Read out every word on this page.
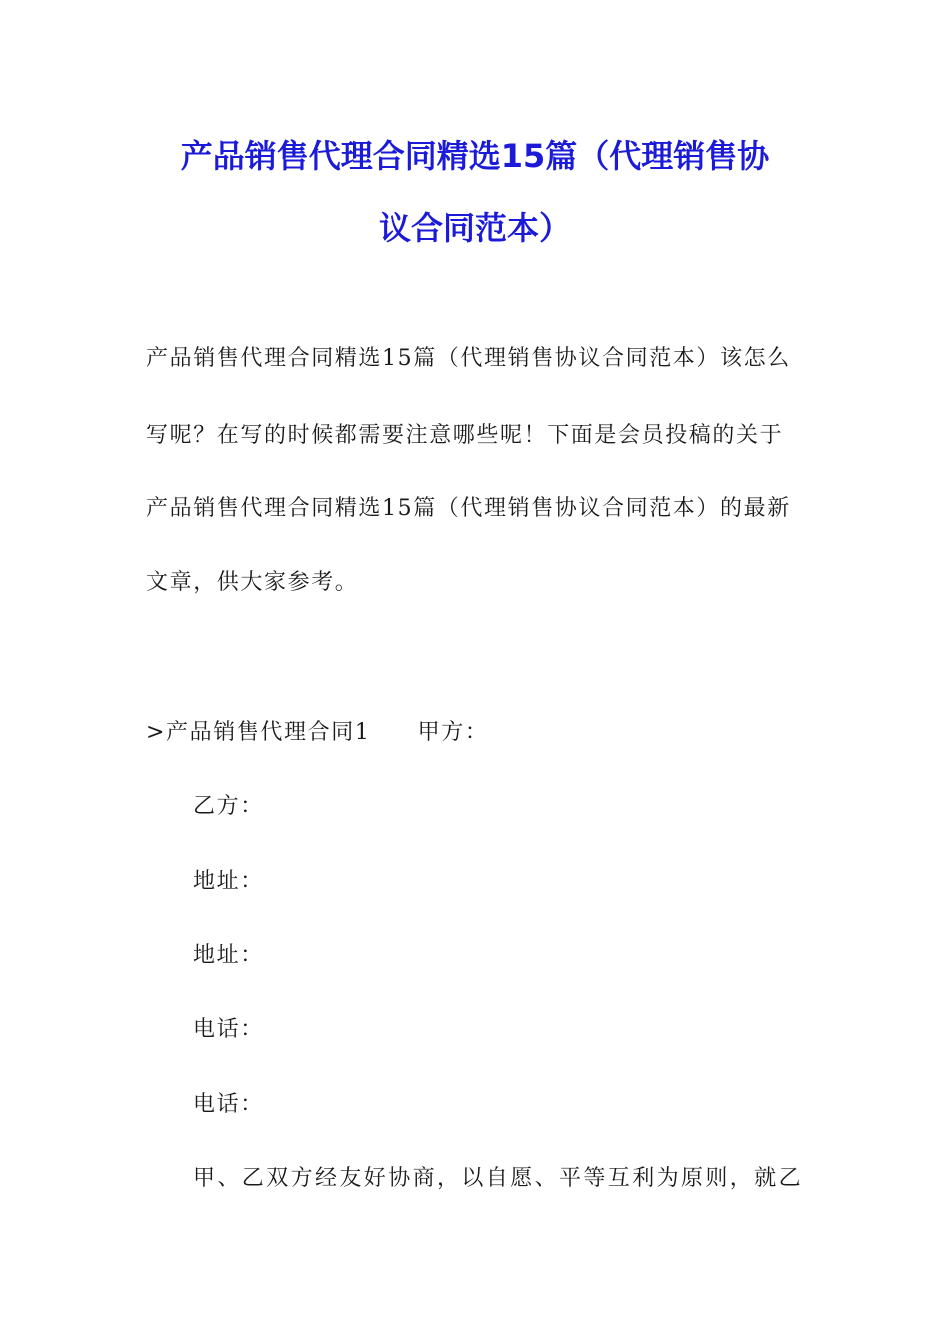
产品销售代理合同精选15篇（代理销售协
议合同范本）
产品销售代理合同精选15篇（代理销售协议合同范本）该怎么
写呢？在写的时候都需要注意哪些呢！下面是会员投稿的关于
产品销售代理合同精选15篇（代理销售协议合同范本）的最新
文章，供大家参考。
>产品销售代理合同1　　甲方：
乙方：
地址：
地址：
电话：
电话：
甲、乙双方经友好协商，以自愿、平等互利为原则，就乙
